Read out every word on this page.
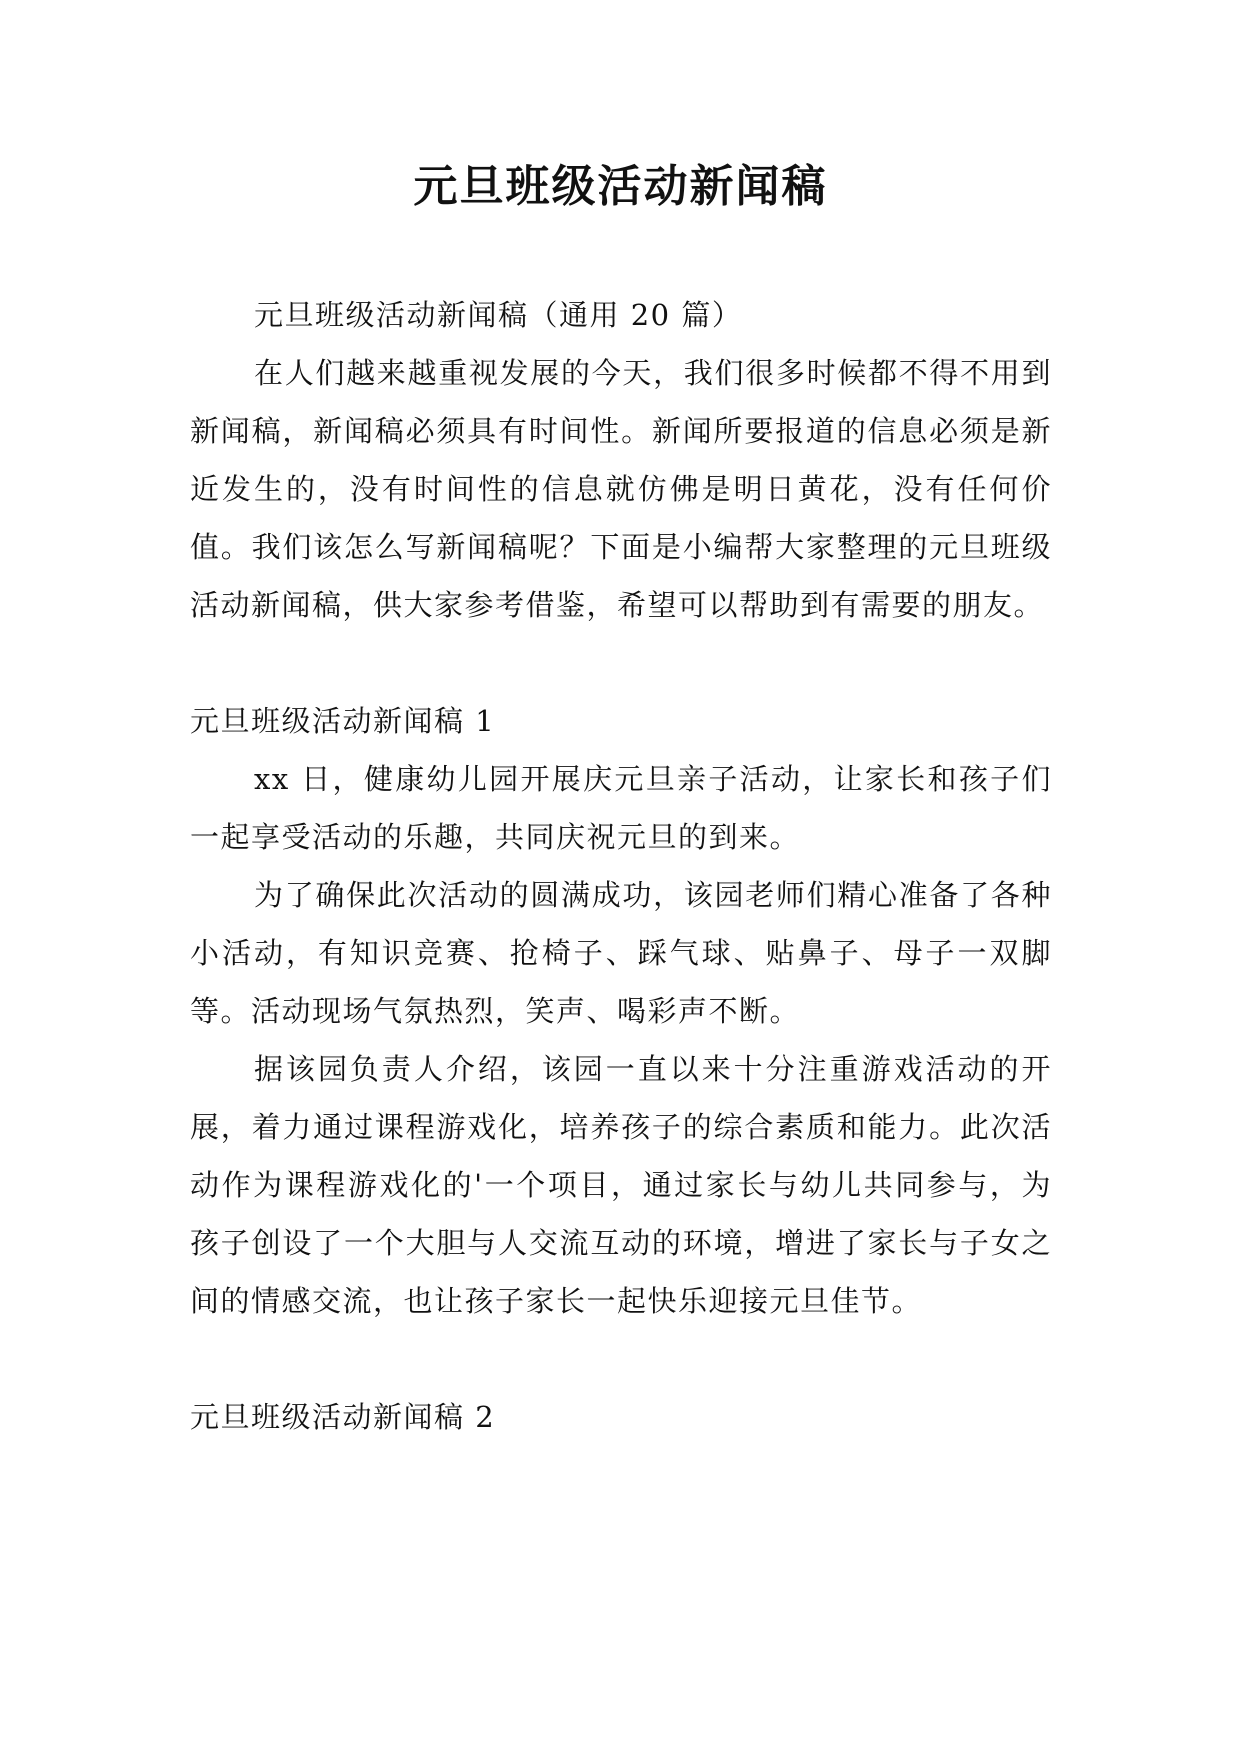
元旦班级活动新闻稿

元旦班级活动新闻稿（通用 20 篇）

在人们越来越重视发展的今天，我们很多时候都不得不用到新闻稿，新闻稿必须具有时间性。新闻所要报道的信息必须是新近发生的，没有时间性的信息就仿佛是明日黄花，没有任何价值。我们该怎么写新闻稿呢？下面是小编帮大家整理的元旦班级活动新闻稿，供大家参考借鉴，希望可以帮助到有需要的朋友。

元旦班级活动新闻稿 1

xx 日，健康幼儿园开展庆元旦亲子活动，让家长和孩子们一起享受活动的乐趣，共同庆祝元旦的到来。

为了确保此次活动的圆满成功，该园老师们精心准备了各种小活动，有知识竞赛、抢椅子、踩气球、贴鼻子、母子一双脚等。活动现场气氛热烈，笑声、喝彩声不断。

据该园负责人介绍，该园一直以来十分注重游戏活动的开展，着力通过课程游戏化，培养孩子的综合素质和能力。此次活动作为课程游戏化的'一个项目，通过家长与幼儿共同参与，为孩子创设了一个大胆与人交流互动的环境，增进了家长与子女之间的情感交流，也让孩子家长一起快乐迎接元旦佳节。

元旦班级活动新闻稿 2
